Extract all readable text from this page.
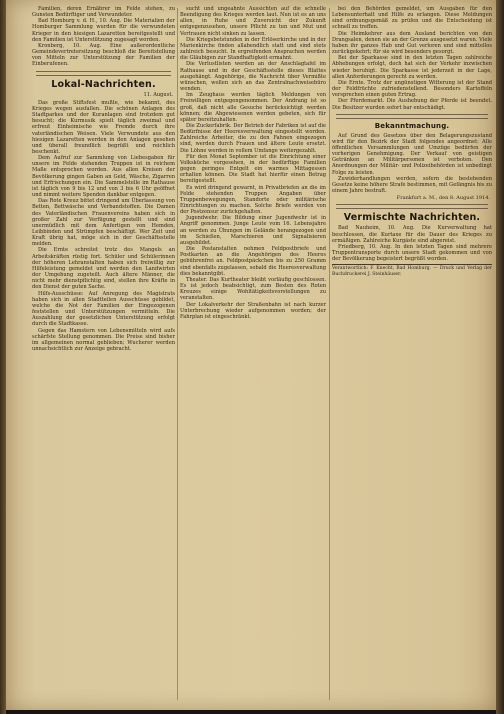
Familien, deren Ernährer im Felde stehen, zu Gunsten Bedürftiger und Verwundeter.

Bad Homburg v. d. H., 10. Aug. Die Materialien der Homburger Sammlung wurden für die verwundeten Krieger in den hiesigen Lazaretten bereitgestellt und den Familien ist Unterstützung zugesagt worden.

Kronberg, 10. Aug. Eine außerordentliche Gemeindevertretersitzung beschloß die Bereitstellung von Mitteln zur Unterstützung der Familien der Einberufenen.

Lokal-Nachrichten.
11. August.

Das große Stiftsfest mußte, wie bekannt, des Krieges wegen ausfallen. Die schönen Anlagen des Stadtparkes und der Kuranlagen sind trotzdem gut besucht; die Kurmusik spielt täglich zweimal und erfreut Einheimische wie Fremde durch ihre vaterländischen Weisen. Viele Verwundete aus den hiesigen Lazaretten werden in den Anlagen gesehen und überall freundlich begrüßt und reichlich beschenkt.

Dem Aufruf zur Sammlung von Liebesgaben für unsere im Felde stehenden Truppen ist in reichem Maße entsprochen worden. Aus allen Kreisen der Bevölkerung gingen Gaben an Geld, Wäsche, Zigarren und Erfrischungen ein. Die Sammelstelle im Rathause ist täglich von 9 bis 12 und von 3 bis 6 Uhr geöffnet und nimmt weitere Spenden dankbar entgegen.

Das Rote Kreuz bittet dringend um Überlassung von Betten, Bettwäsche und Verbandstoffen. Die Damen des Vaterländischen Frauenvereins haben sich in großer Zahl zur Verfügung gestellt und sind unermüdlich mit dem Anfertigen von Hemden, Leibbinden und Strümpfen beschäftigt. Wer Zeit und Kraft übrig hat, möge sich in der Geschäftsstelle melden.

Die Ernte schreitet trotz des Mangels an Arbeitskräften rüstig fort. Schüler und Schülerinnen der höheren Lehranstalten haben sich freiwillig zur Hilfeleistung gemeldet und werden den Landwirten der Umgebung zugeteilt. Auch ältere Männer, die nicht mehr dienstpflichtig sind, stellen ihre Kräfte in den Dienst der guten Sache.

Hilfs-Ausschüsse: Auf Anregung des Magistrats haben sich in allen Stadtteilen Ausschüsse gebildet, welche die Not der Familien der Eingezogenen feststellen und Unterstützungen vermitteln. Die Auszahlung der gesetzlichen Unterstützung erfolgt durch die Stadtkasse.

Gegen das Hamstern von Lebensmitteln wird aufs schärfste Stellung genommen. Die Preise sind bisher im allgemeinen normal geblieben; Wucherer werden unnachsichtlich zur Anzeige gebracht.

sucht und ungeahnte Aussichten auf die schnelle Beendigung des Krieges werden laut. Nun ist es an uns allen, in Ruhe und Zuversicht der Zukunft entgegenzusehen, unsere Pflicht zu tun und Mut und Vertrauen nicht sinken zu lassen.

Die Kriegsbetstunden in der Erlöserkirche und in der Marienkirche finden allabendlich statt und sind stets zahlreich besucht. In ergreifenden Ansprachen werden die Gläubigen zur Standhaftigkeit ermahnt.

Die Verlustlisten werden an der Anschlagtafel im Rathause und in der Geschäftsstelle dieses Blattes ausgehängt. Angehörige, die Nachricht über Vermißte wünschen, wollen sich an das Zentralnachweisebüro wenden.

Im Zeughaus werden täglich Meldungen von Freiwilligen entgegengenommen. Der Andrang ist so groß, daß nicht alle Gesuche berücksichtigt werden können; die Abgewiesenen werden gebeten, sich für später bereitzuhalten.

Die Zuckerfabrik. Der Betrieb der Fabriken ist auf die Bedürfnisse der Heeresverwaltung eingestellt worden. Zahlreiche Arbeiter, die zu den Fahnen eingezogen sind, werden durch Frauen und ältere Leute ersetzt. Die Löhne werden in vollem Umfange weitergezahlt.

Für den Monat September ist die Einrichtung einer Volksküche vorgesehen, in der bedürftige Familien gegen geringes Entgelt ein warmes Mittagessen erhalten können. Die Stadt hat hierfür einen Betrag bereitgestellt.

Es wird dringend gewarnt, in Privatbriefen an die im Felde stehenden Truppen Angaben über Truppenbewegungen, Standorte oder militärische Einrichtungen zu machen. Solche Briefe werden von der Postzensur zurückgehalten.

Jugendwehr. Die Bildung einer Jugendwehr ist in Angriff genommen. Junge Leute vom 16. Lebensjahre an werden zu Übungen im Gelände herangezogen und im Schießen, Marschieren und Signalisieren ausgebildet.

Die Postanstalten nehmen Feldpostbriefe und Postkarten an die Angehörigen des Heeres gebührenfrei an. Feldpostpäckchen bis zu 250 Gramm sind ebenfalls zugelassen, sobald die Heeresverwaltung dies bekanntgibt.

Theater. Das Kurtheater bleibt vorläufig geschlossen. Es ist jedoch beabsichtigt, zum Besten des Roten Kreuzes einige Wohltätigkeitsvorstellungen zu veranstalten.

Der Lokalverkehr der Straßenbahn ist nach kurzer Unterbrechung wieder aufgenommen worden; der Fahrplan ist eingeschränkt.

bei den Behörden gemeldet, um Ausgaben für den Lebensunterhalt und Hilfe zu erlangen. Diese Meldungen sind ordnungsgemäß zu prüfen und die Entscheidung ist schnell zu treffen.

Die Heimkehrer aus dem Ausland berichten von den Drangsalen, denen sie an der Grenze ausgesetzt waren. Viele haben ihr ganzes Hab und Gut verloren und sind mittellos zurückgekehrt; für sie wird besonders gesorgt.

Bei der Sparkasse sind in den letzten Tagen zahlreiche Abhebungen erfolgt, doch hat sich der Verkehr inzwischen wieder beruhigt. Die Sparkasse ist jederzeit in der Lage, allen Anforderungen gerecht zu werden.

Die Ernte. Trotz der ungünstigen Witterung ist der Stand der Feldfrüchte zufriedenstellend. Besonders Kartoffeln versprechen einen guten Ertrag.

Der Pferdemarkt. Die Aushebung der Pferde ist beendet. Die Besitzer wurden sofort bar entschädigt.

Bekanntmachung.

Auf Grund des Gesetzes über den Belagerungszustand wird für den Bezirk der Stadt folgendes angeordnet: Alle öffentlichen Versammlungen und Umzüge bedürfen der vorherigen Genehmigung. Der Verkauf von geistigen Getränken an Militärpersonen ist verboten. Den Anordnungen der Militär- und Polizeibehörden ist unbedingt Folge zu leisten.

Zuwiderhandlungen werden, sofern die bestehenden Gesetze keine höhere Strafe bestimmen, mit Gefängnis bis zu einem Jahre bestraft.

Frankfurt a. M., den 8. August 1914.
Vermischte Nachrichten.

Bad Nauheim, 10. Aug. Die Kurverwaltung hat beschlossen, die Kurtaxe für die Dauer des Krieges zu ermäßigen. Zahlreiche Kurgäste sind abgereist.

Friedberg, 10. Aug. In den letzten Tagen sind mehrere Truppentransporte durch unsere Stadt gekommen und von der Bevölkerung begeistert begrüßt worden.

Verantwortlich: F. Knecht, Bad Homburg. — Druck und Verlag der Buchdruckerei J. Steinhäuser.
